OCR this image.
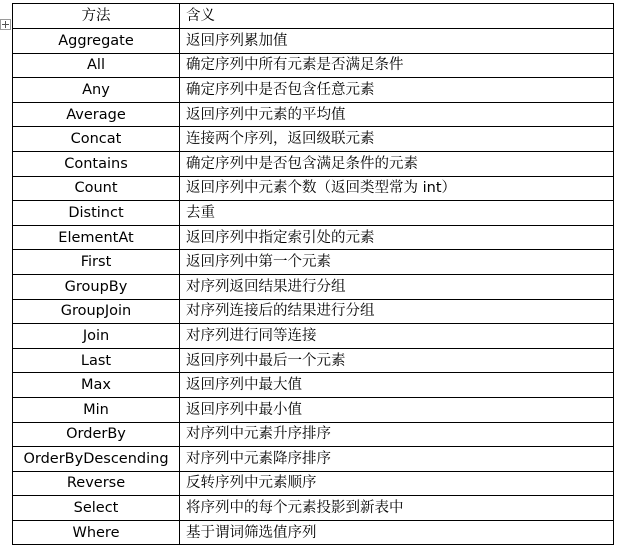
方法	含义
Aggregate	返回序列累加值
All	确定序列中所有元素是否满足条件
Any	确定序列中是否包含任意元素
Average	返回序列中元素的平均值
Concat	连接两个序列，返回级联元素
Contains	确定序列中是否包含满足条件的元素
Count	返回序列中元素个数（返回类型常为 int）
Distinct	去重
ElementAt	返回序列中指定索引处的元素
First	返回序列中第一个元素
GroupBy	对序列返回结果进行分组
GroupJoin	对序列连接后的结果进行分组
Join	对序列进行同等连接
Last	返回序列中最后一个元素
Max	返回序列中最大值
Min	返回序列中最小值
OrderBy	对序列中元素升序排序
OrderByDescending	对序列中元素降序排序
Reverse	反转序列中元素顺序
Select	将序列中的每个元素投影到新表中
Where	基于谓词筛选值序列
